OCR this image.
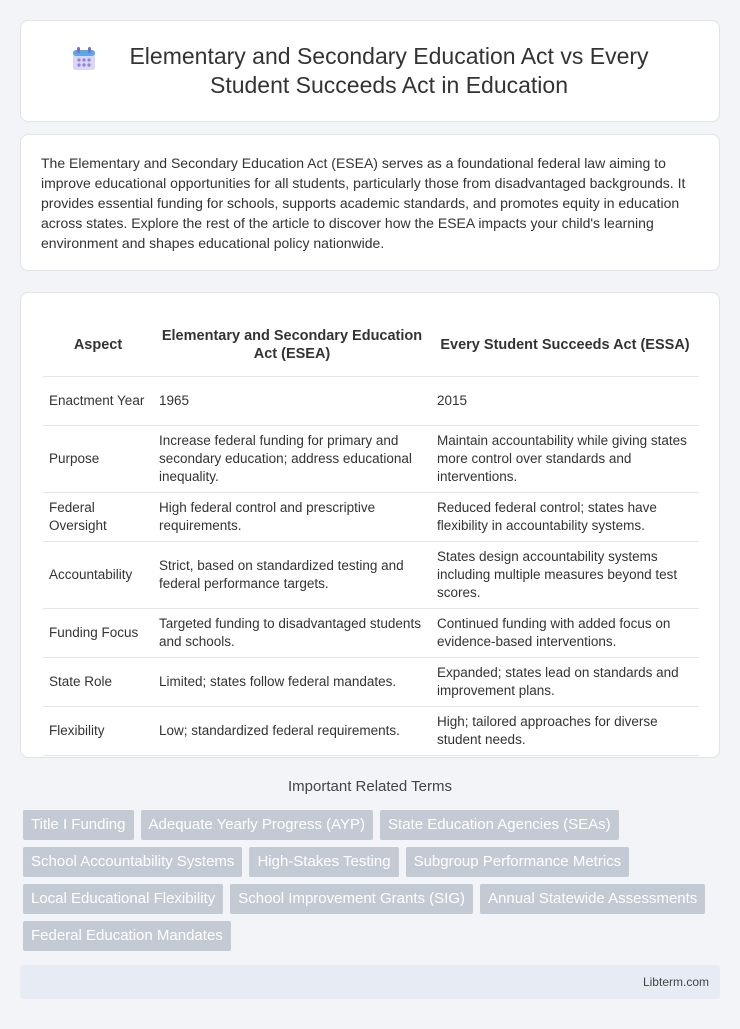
Elementary and Secondary Education Act vs Every Student Succeeds Act in Education

The Elementary and Secondary Education Act (ESEA) serves as a foundational federal law aiming to improve educational opportunities for all students, particularly those from disadvantaged backgrounds. It provides essential funding for schools, supports academic standards, and promotes equity in education across states. Explore the rest of the article to discover how the ESEA impacts your child's learning environment and shapes educational policy nationwide.

Aspect	Elementary and Secondary Education Act (ESEA)	Every Student Succeeds Act (ESSA)
Enactment Year	1965	2015
Purpose	Increase federal funding for primary and secondary education; address educational inequality.	Maintain accountability while giving states more control over standards and interventions.
Federal Oversight	High federal control and prescriptive requirements.	Reduced federal control; states have flexibility in accountability systems.
Accountability	Strict, based on standardized testing and federal performance targets.	States design accountability systems including multiple measures beyond test scores.
Funding Focus	Targeted funding to disadvantaged students and schools.	Continued funding with added focus on evidence-based interventions.
State Role	Limited; states follow federal mandates.	Expanded; states lead on standards and improvement plans.
Flexibility	Low; standardized federal requirements.	High; tailored approaches for diverse student needs.
Important Related Terms
Title I Funding	Adequate Yearly Progress (AYP)	State Education Agencies (SEAs)
School Accountability Systems	High-Stakes Testing	Subgroup Performance Metrics
Local Educational Flexibility	School Improvement Grants (SIG)	Annual Statewide Assessments
Federal Education Mandates
Libterm.com
